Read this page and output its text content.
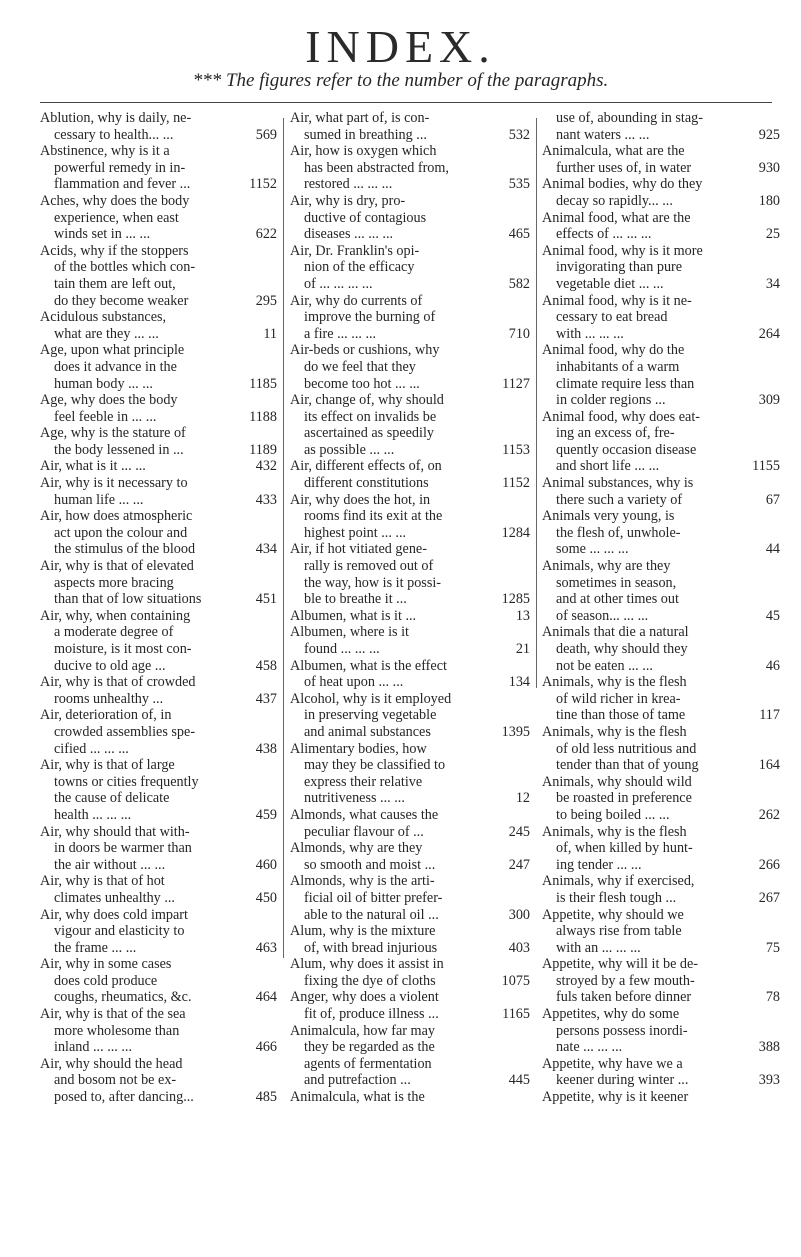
INDEX.
*** The figures refer to the number of the paragraphs.
Ablution, why is daily, ne-
cessary to health... ...	569
Abstinence, why is it a
powerful remedy in in-
flammation and fever ...	1152
Aches, why does the body
experience, when east
winds set in ... ...	622
Acids, why if the stoppers
of the bottles which con-
tain them are left out,
do they become weaker	295
Acidulous substances,
what are they ... ...	11
Age, upon what principle
does it advance in the
human body ... ...	1185
Age, why does the body
feel feeble in ... ...	1188
Age, why is the stature of
the body lessened in ...	1189
Air, what is it ... ...	432
Air, why is it necessary to
human life ... ...	433
Air, how does atmospheric
act upon the colour and
the stimulus of the blood	434
Air, why is that of elevated
aspects more bracing
than that of low situations	451
Air, why, when containing
a moderate degree of
moisture, is it most con-
ducive to old age ...	458
Air, why is that of crowded
rooms unhealthy ...	437
Air, deterioration of, in
crowded assemblies spe-
cified ... ... ...	438
Air, why is that of large
towns or cities frequently
the cause of delicate
health ... ... ...	459
Air, why should that with-
in doors be warmer than
the air without ... ...	460
Air, why is that of hot
climates unhealthy ...	450
Air, why does cold impart
vigour and elasticity to
the frame ... ...	463
Air, why in some cases
does cold produce
coughs, rheumatics, &c.	464
Air, why is that of the sea
more wholesome than
inland ... ... ...	466
Air, why should the head
and bosom not be ex-
posed to, after dancing...	485
Air, what part of, is con-
sumed in breathing ...	532
Air, how is oxygen which
has been abstracted from,
restored ... ... ...	535
Air, why is dry, pro-
ductive of contagious
diseases ... ... ...	465
Air, Dr. Franklin's opi-
nion of the efficacy
of ... ... ... ...	582
Air, why do currents of
improve the burning of
a fire ... ... ...	710
Air-beds or cushions, why
do we feel that they
become too hot ... ...	1127
Air, change of, why should
its effect on invalids be
ascertained as speedily
as possible ... ...	1153
Air, different effects of, on
different constitutions	1152
Air, why does the hot, in
rooms find its exit at the
highest point ... ...	1284
Air, if hot vitiated gene-
rally is removed out of
the way, how is it possi-
ble to breathe it ...	1285
Albumen, what is it ...	13
Albumen, where is it
found ... ... ...	21
Albumen, what is the effect
of heat upon ... ...	134
Alcohol, why is it employed
in preserving vegetable
and animal substances	1395
Alimentary bodies, how
may they be classified to
express their relative
nutritiveness ... ...	12
Almonds, what causes the
peculiar flavour of ...	245
Almonds, why are they
so smooth and moist ...	247
Almonds, why is the arti-
ficial oil of bitter prefer-
able to the natural oil ...	300
Alum, why is the mixture
of, with bread injurious	403
Alum, why does it assist in
fixing the dye of cloths	1075
Anger, why does a violent
fit of, produce illness ...	1165
Animalcula, how far may
they be regarded as the
agents of fermentation
and putrefaction ...	445
Animalcula, what is the
use of, abounding in stag-
nant waters ... ...	925
Animalcula, what are the
further uses of, in water	930
Animal bodies, why do they
decay so rapidly... ...	180
Animal food, what are the
effects of ... ... ...	25
Animal food, why is it more
invigorating than pure
vegetable diet ... ...	34
Animal food, why is it ne-
cessary to eat bread
with ... ... ...	264
Animal food, why do the
inhabitants of a warm
climate require less than
in colder regions ...	309
Animal food, why does eat-
ing an excess of, fre-
quently occasion disease
and short life ... ...	1155
Animal substances, why is
there such a variety of	67
Animals very young, is
the flesh of, unwhole-
some ... ... ...	44
Animals, why are they
sometimes in season,
and at other times out
of season... ... ...	45
Animals that die a natural
death, why should they
not be eaten ... ...	46
Animals, why is the flesh
of wild richer in krea-
tine than those of tame	117
Animals, why is the flesh
of old less nutritious and
tender than that of young	164
Animals, why should wild
be roasted in preference
to being boiled ... ...	262
Animals, why is the flesh
of, when killed by hunt-
ing tender ... ...	266
Animals, why if exercised,
is their flesh tough ...	267
Appetite, why should we
always rise from table
with an ... ... ...	75
Appetite, why will it be de-
stroyed by a few mouth-
fuls taken before dinner	78
Appetites, why do some
persons possess inordi-
nate ... ... ...	388
Appetite, why have we a
keener during winter ...	393
Appetite, why is it keener
